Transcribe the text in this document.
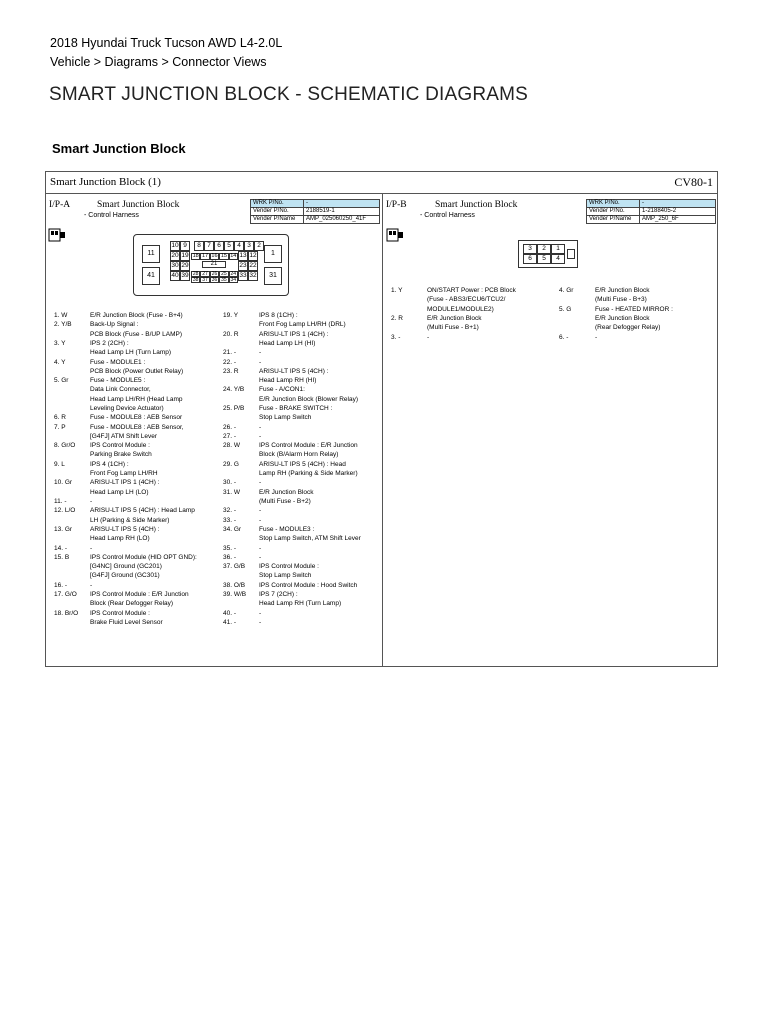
2018 Hyundai Truck Tucson AWD L4-2.0L
Vehicle > Diagrams > Connector Views
SMART JUNCTION BLOCK - SCHEMATIC DIAGRAMS
Smart Junction Block
Smart Junction Block (1)	CV80-1
I/P-A	Smart Junction Block
- Control Harness
WRK P/No.	-
Vender P/No.	2188519-1
Vender P/Name	AMP_025060250_41F
11
41
1
31
20 19	13 12
30 29	21	23 22
40 39	33 32
10 9	8 7 6 5 4 3 2
18 17 16 15 14
28 27 26 25 24
38 37 36 35 34
I/P-B	Smart Junction Block
- Control Harness
WRK P/No.	-
Vender P/No.	1-2188405-2
Vender P/Name	AMP_250_6F
3	2	1
6	5	4
1. W	E/R Junction Block (Fuse - B+4)
2. Y/B	Back-Up Signal :
PCB Block (Fuse - B/UP LAMP)
3. Y	IPS 2 (2CH) :
Head Lamp LH (Turn Lamp)
4. Y	Fuse - MODULE1 :
PCB Block (Power Outlet Relay)
5. Gr	Fuse - MODULE5 :
Data Link Connector,
Head Lamp LH/RH (Head Lamp
Leveling Device Actuator)
6. R	Fuse - MODULE8 : AEB Sensor
7. P	Fuse - MODULE8 : AEB Sensor,
[G4FJ] ATM Shift Lever
8. Gr/O IPS Control Module :
Parking Brake Switch
9. L	IPS 4 (1CH) :
Front Fog Lamp LH/RH
10. Gr	ARISU-LT IPS 1 (4CH) :
Head Lamp LH (LO)
11. -	-
12. L/O ARISU-LT IPS 5 (4CH) : Head Lamp
LH (Parking & Side Marker)
13. Gr	ARISU-LT IPS 5 (4CH) :
Head Lamp RH (LO)
14. -	-
15. B	IPS Control Module (HID OPT GND):
[G4NC] Ground (GC201)
[G4FJ] Ground (GC301)
16. -	-
17. G/O IPS Control Module : E/R Junction
Block (Rear Defogger Relay)
18. Br/O IPS Control Module :
Brake Fluid Level Sensor
19. Y	IPS 8 (1CH) :
Front Fog Lamp LH/RH (DRL)
20. R	ARISU-LT IPS 1 (4CH) :
Head Lamp LH (HI)
21. -	-
22. -	-
23. R	ARISU-LT IPS 5 (4CH) :
Head Lamp RH (HI)
24. Y/B Fuse - A/CON1:
E/R Junction Block (Blower Relay)
25. P/B Fuse - BRAKE SWITCH :
Stop Lamp Switch
26. -	-
27. -	-
28. W	IPS Control Module : E/R Junction
Block (B/Alarm Horn Relay)
29. G	ARISU-LT IPS 5 (4CH) : Head
Lamp RH (Parking & Side Marker)
30. -	-
31. W	E/R Junction Block
(Multi Fuse - B+2)
32. -	-
33. -	-
34. Gr	Fuse - MODULE3 :
Stop Lamp Switch, ATM Shift Lever
35. -	-
36. -	-
37. G/B IPS Control Module :
Stop Lamp Switch
38. O/B IPS Control Module : Hood Switch
39. W/B IPS 7 (2CH) :
Head Lamp RH (Turn Lamp)
40. -	-
41. -	-
1. Y	ON/START Power : PCB Block
(Fuse - ABS3/ECU6/TCU2/
MODULE1/MODULE2)
2. R	E/R Junction Block
(Multi Fuse - B+1)
3. -	-
4. Gr	E/R Junction Block
(Multi Fuse - B+3)
5. G	Fuse - HEATED MIRROR :
E/R Junction Block
(Rear Defogger Relay)
6. -	-
